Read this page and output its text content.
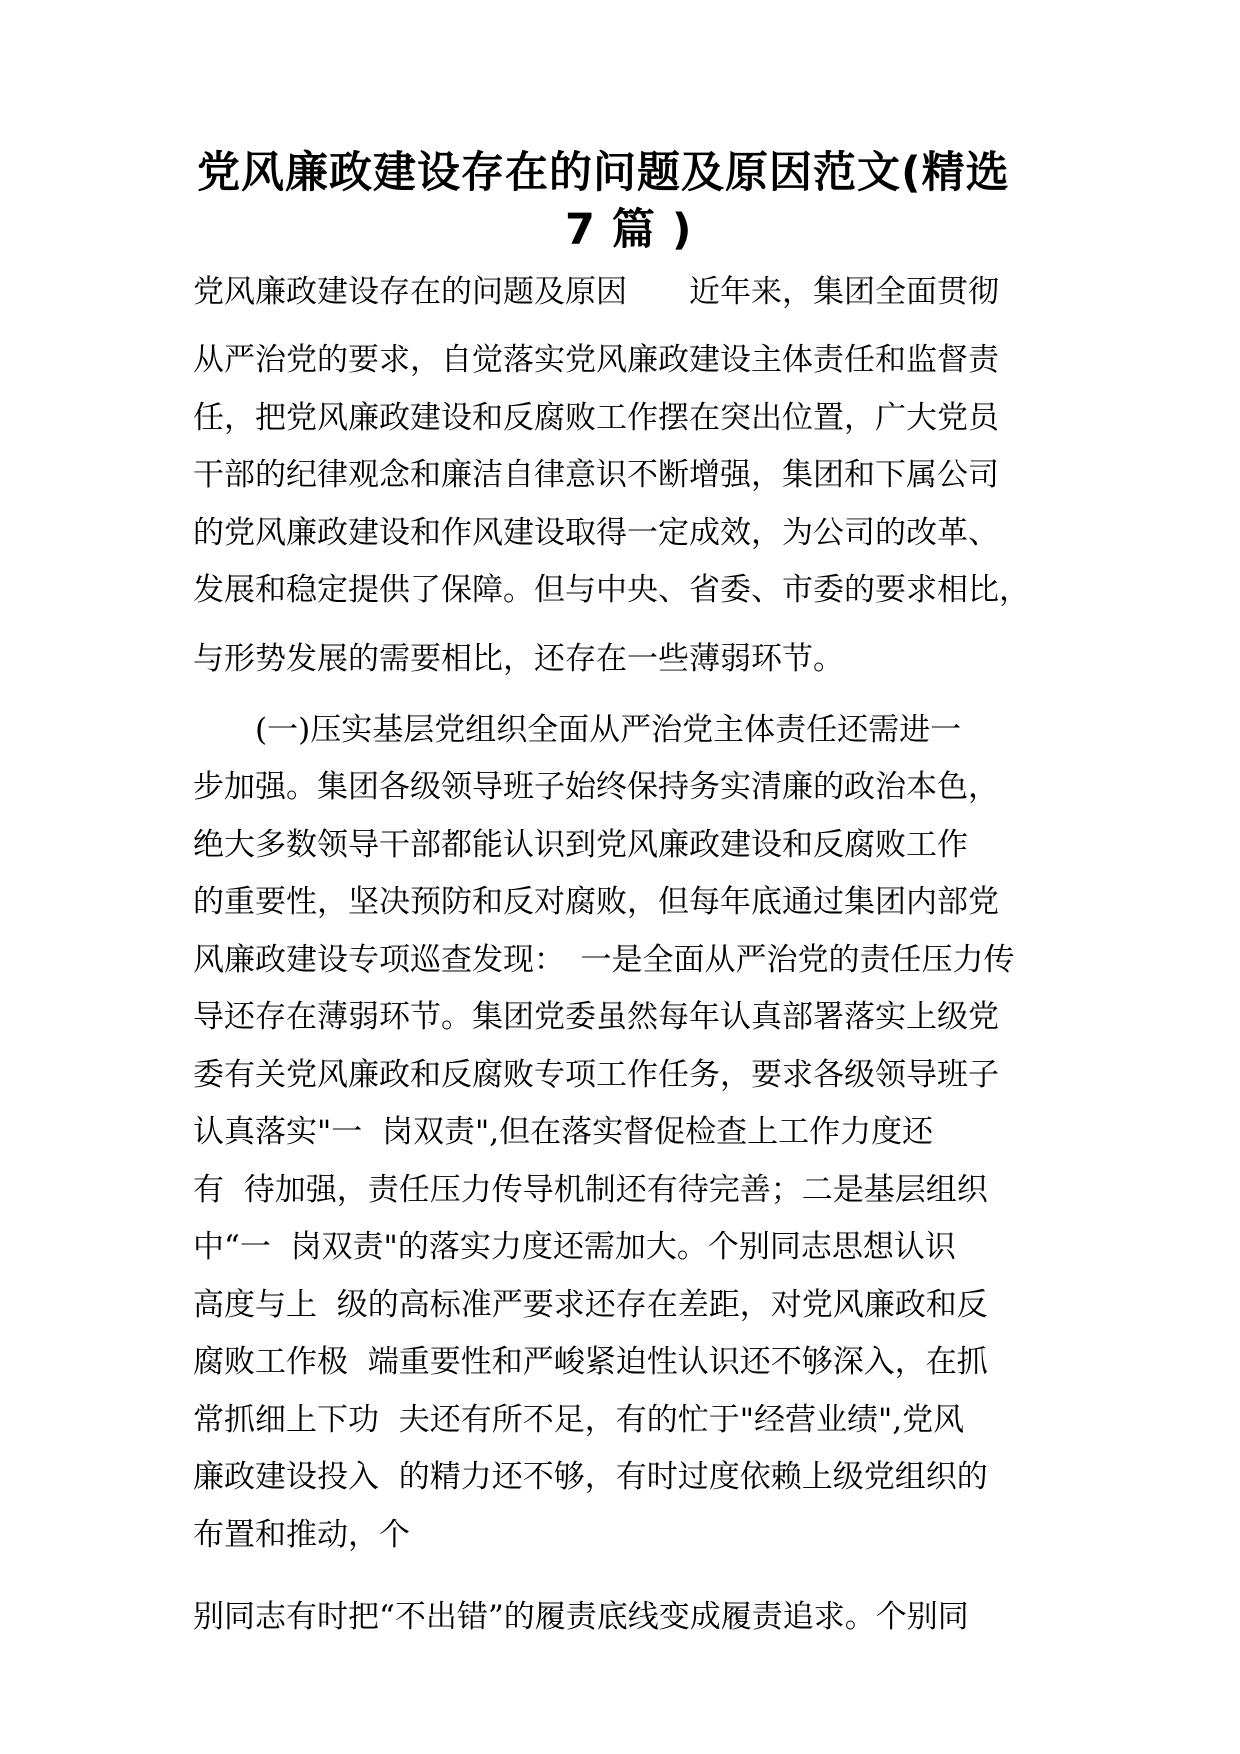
党风廉政建设存在的问题及原因范文(精选
7 篇 )

党风廉政建设存在的问题及原因　　近年来，集团全面贯彻

从严治党的要求，自觉落实党风廉政建设主体责任和监督责

任，把党风廉政建设和反腐败工作摆在突出位置，广大党员

干部的纪律观念和廉洁自律意识不断增强，集团和下属公司

的党风廉政建设和作风建设取得一定成效，为公司的改革、

发展和稳定提供了保障。但与中央、省委、市委的要求相比，

与形势发展的需要相比，还存在一些薄弱环节。

　　(一)压实基层党组织全面从严治党主体责任还需进一

步加强。集团各级领导班子始终保持务实清廉的政治本色，

绝大多数领导干部都能认识到党风廉政建设和反腐败工作

的重要性，坚决预防和反对腐败，但每年底通过集团内部党

风廉政建设专项巡查发现：　一是全面从严治党的责任压力传

导还存在薄弱环节。集团党委虽然每年认真部署落实上级党

委有关党风廉政和反腐败专项工作任务，要求各级领导班子

认真落实"一  岗双责",但在落实督促检查上工作力度还

有  待加强，责任压力传导机制还有待完善；二是基层组织

中“一  岗双责"的落实力度还需加大。个别同志思想认识

高度与上  级的高标准严要求还存在差距，对党风廉政和反

腐败工作极  端重要性和严峻紧迫性认识还不够深入，在抓

常抓细上下功  夫还有所不足，有的忙于"经营业绩",党风

廉政建设投入  的精力还不够，有时过度依赖上级党组织的

布置和推动，个

别同志有时把“不出错”的履责底线变成履责追求。个别同
